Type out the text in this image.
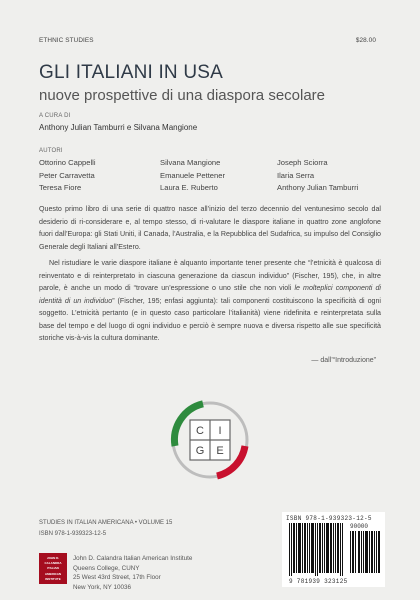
ETHNIC STUDIES	$28.00
GLI ITALIANI IN USA
nuove prospettive di una diaspora secolare
A CURA DI
Anthony Julian Tamburri e Silvana Mangione
AUTORI
Ottorino Cappelli
Peter Carravetta
Teresa Fiore
Silvana Mangione
Emanuele Pettener
Laura E. Ruberto
Joseph Sciorra
Ilaria Serra
Anthony Julian Tamburri

Questo primo libro di una serie di quattro nasce all’inizio del terzo decennio del ventunesimo secolo dal desiderio di ri-considerare e, al tempo stesso, di ri-valutare le diaspore italiane in quattro zone anglofone fuori dall’Europa: gli Stati Uniti, il Canada, l’Australia, e la Repubblica del Sudafrica, su impulso del Consiglio Generale degli Italiani all’Estero.

Nel ristudiare le varie diaspore italiane è alquanto importante tener presente che “l’etnicità è qualcosa di reinventato e di reinterpretato in ciascuna generazione da ciascun individuo” (Fischer, 195), che, in altre parole, è anche un modo di “trovare un’espressione o uno stile che non violi le molteplici componenti di identità di un individuo” (Fischer, 195; enfasi aggiunta): tali componenti costituiscono la specificità di ogni soggetto. L’etnicità pertanto (e in questo caso particolare l’italianità) viene ridefinita e reinterpretata sulla base del tempo e del luogo di ogni individuo e perciò è sempre nuova e diversa rispetto alle sue specificità storiche vis-à-vis la cultura dominante.

— dall’“Introduzione”
C I
G E
STUDIES IN ITALIAN AMERICANA • VOLUME 15
ISBN 978-1-939323-12-5
JOHN D.
CALANDRA
ITALIAN
AMERICAN
INSTITUTE
John D. Calandra Italian American Institute
Queens College, CUNY
25 West 43rd Street, 17th Floor
New York, NY 10036
ISBN 978-1-939323-12-5
90000
9 781939 323125
